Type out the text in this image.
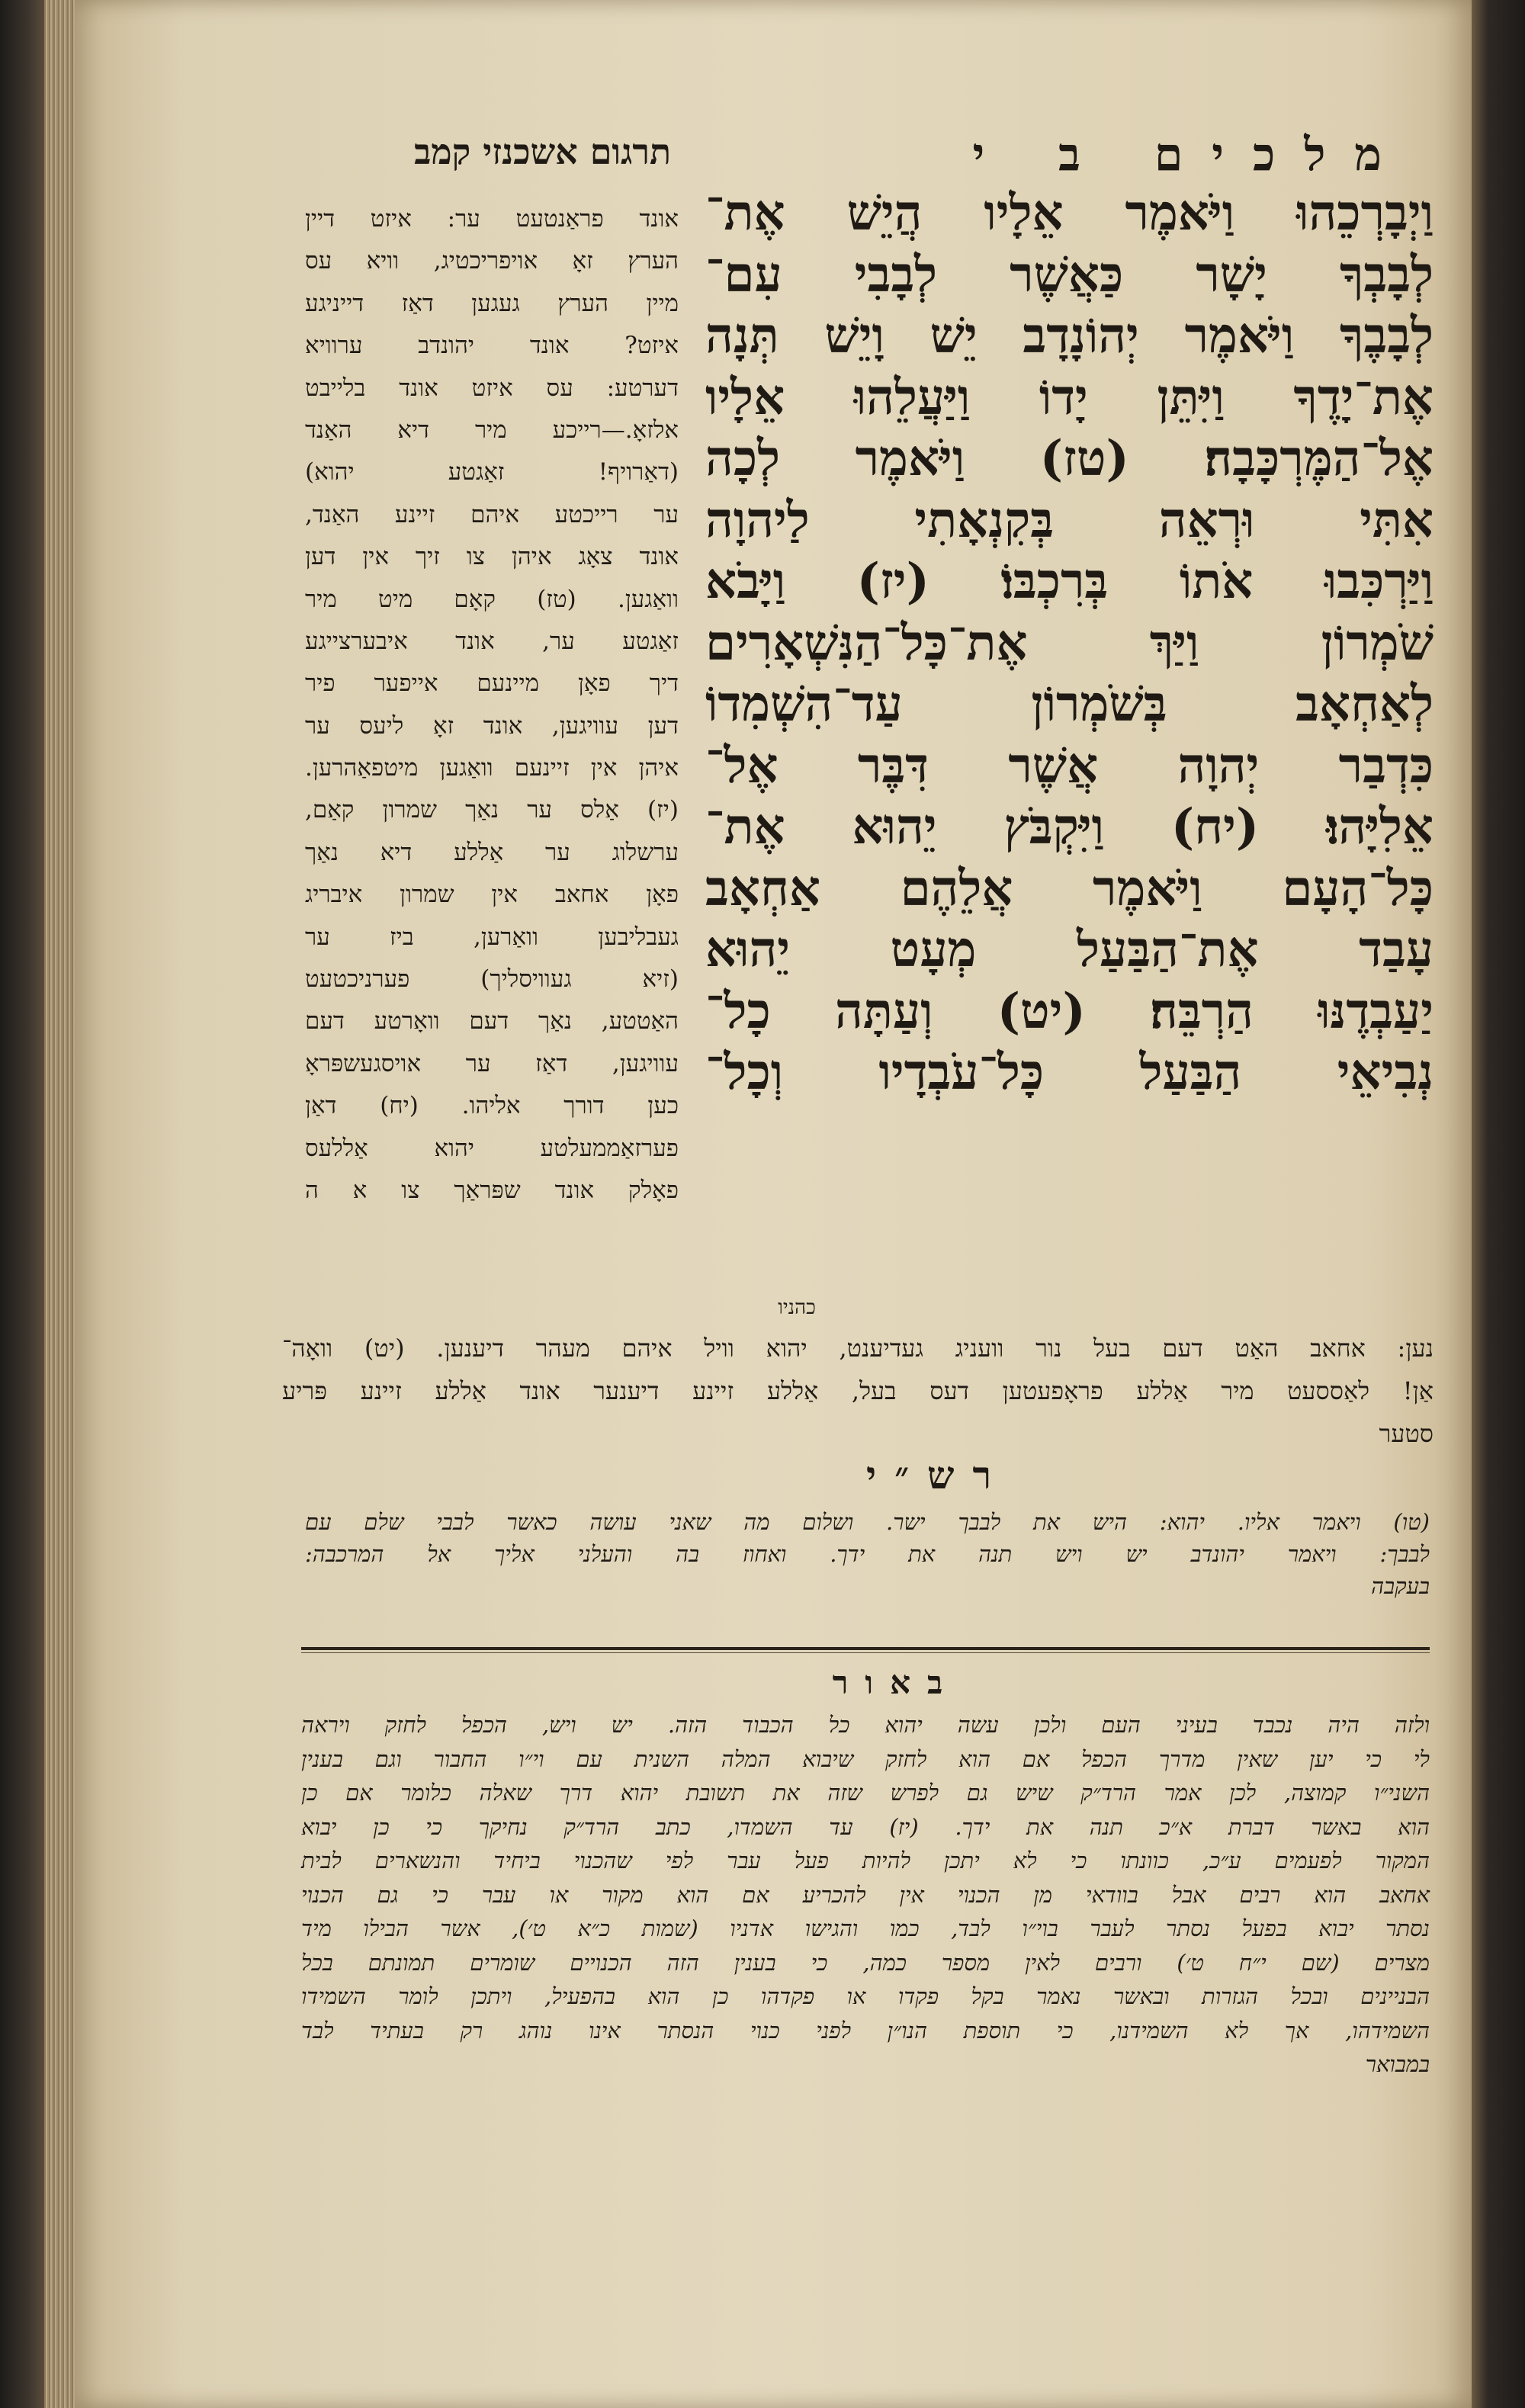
מלכים ב י
תרגום אשכנזי קמב
וַיְבָרְכֵהוּ וַיֹּאמֶר אֵלָיו הֲיֵשׁ אֶת־
לְבָבְךָ יָשָׁר כַּאֲשֶׁר לְבָבִי עִם־
לְבָבֶךָ וַיֹּאמֶר יְהוֹנָדָב יֵשׁ וָיֵשׁ תְּנָה
אֶת־יָדֶךָ וַיִּתֵּן יָדוֹ וַיַּעֲלֵהוּ אֵלָיו
אֶל־הַמֶּרְכָּבָה׃ (טז) וַיֹּאמֶר לְכָה
אִתִּי וּרְאֵה בְּקִנְאָתִי לַיהוָה
וַיַּרְכִּבוּ אֹתוֹ בְּרִכְבּוֹ׃ (יז) וַיָּבֹא
שֹׁמְרוֹן וַיַּךְ אֶת־כָּל־הַנִּשְׁאָרִים
לְאַחְאָב בְּשֹׁמְרוֹן עַד־הִשְׁמִדוֹ
כִּדְבַר יְהוָה אֲשֶׁר דִּבֶּר אֶל־
אֵלִיָּהוּ׃ (יח) וַיִּקְבֹּץ יֵהוּא אֶת־
כָּל־הָעָם וַיֹּאמֶר אֲלֵהֶם אַחְאָב
עָבַד אֶת־הַבַּעַל מְעָט יֵהוּא
יַעַבְדֶנּוּ הַרְבֵּה׃ (יט) וְעַתָּה כָל־
נְבִיאֵי הַבַּעַל כָּל־עֹבְדָיו וְכָל־
כהניו
אונד פראַנטעט ער: איזט דיין
הערץ זאָ אויפריכטיג, וויא עס
מיין הערץ געגען דאַז דייניגע
איזט? אונד יהונדב ערוויא
דערטע: עס איזט אונד בלייבט
אלזאָ.—רייכע מיר דיא האַנד
(דאַרויף! זאַגטע יהוא)
ער רייכטע איהם זיינע האַנד,
אונד צאָג איהן צו זיך אין דען
וואַגען. (טז) קאָם מיט מיר
זאַגטע ער, אונד איבערצייגע
דיך פאָן מיינעם אייפער פיר
דען עוויגען, אונד זאָ ליעס ער
איהן אין זיינעם וואַגען מיטפאַהרען.
(יז) אַלס ער נאַך שמרון קאַם,
ערשלוג ער אַללע דיא נאַך
פאָן אחאב אין שמרון איבריג
געבליבען וואַרען, ביז ער
(זיא געוויסליך) פערניכטעט
האַטטע, נאַך דעם וואָרטע דעם
עוויגען, דאַז ער אויסגעשפּראָ
כען דורך אליהו. (יח) דאַן
פערזאַממעלטע יהוא אַללעס
פאָלק אונד שפּראַך צו א ה
נען: אחאב האַט דעם בעל נור וועניג געדיענט, יהוא וויל איהם מעהר דיענען. (יט) וואָה־
אַן! לאַססעט מיר אַללע פראָפעטען דעס בעל, אַללע זיינע דיענער אונד אַללע זיינע פּריע
סטער
רש״י
(טו) ויאמר אליו. יהוא: היש את לבבך ישר. ושלום מה שאני עושה כאשר לבבי שלם עם
לבבך: ויאמר יהונדב יש ויש תנה את ידך. ואחוז בה והעלני אליך אל המרכבה:
בעקבה
באור
ולזה היה נכבד בעיני העם ולכן עשה יהוא כל הכבוד הזה. יש ויש, הכפל לחזק ויראה
לי כי יען שאין מדרך הכפל אם הוא לחזק שיבוא המלה השנית עם וי״ו החבור וגם בענין
השני״ו קמוצה, לכן אמר הרד״ק שיש גם לפרש שזה את תשובת יהוא דרך שאלה כלומר אם כן
הוא באשר דברת א״כ תנה את ידך. (יז) עד השמדו, כתב הרד״ק נחיקך כי כן יבוא
המקור לפעמים ע״כ, כוונתו כי לא יתכן להיות פעל עבר לפי שהכנוי ביחיד והנשארים לבית
אחאב הוא רבים אבל בוודאי מן הכנוי אין להכריע אם הוא מקור או עבר כי גם הכנוי
נסתר יבוא בפעל נסתר לעבר בוי״ו לבד, כמו והגישו אדניו (שמות כ״א ט׳), אשר הבילו מיד
מצרים (שם י״ח ט׳) ורבים לאין מספר כמה, כי בענין הזה הכנויים שומרים תמונתם בכל
הבניינים ובכל הגזרות ובאשר נאמר בקל פקדו או פקדהו כן הוא בהפעיל, ויתכן לומר השמידו
השמידהו, אך לא השמידנו, כי תוספת הנו״ן לפני כנוי הנסתר אינו נוהג רק בעתיד לבד
במבואר
